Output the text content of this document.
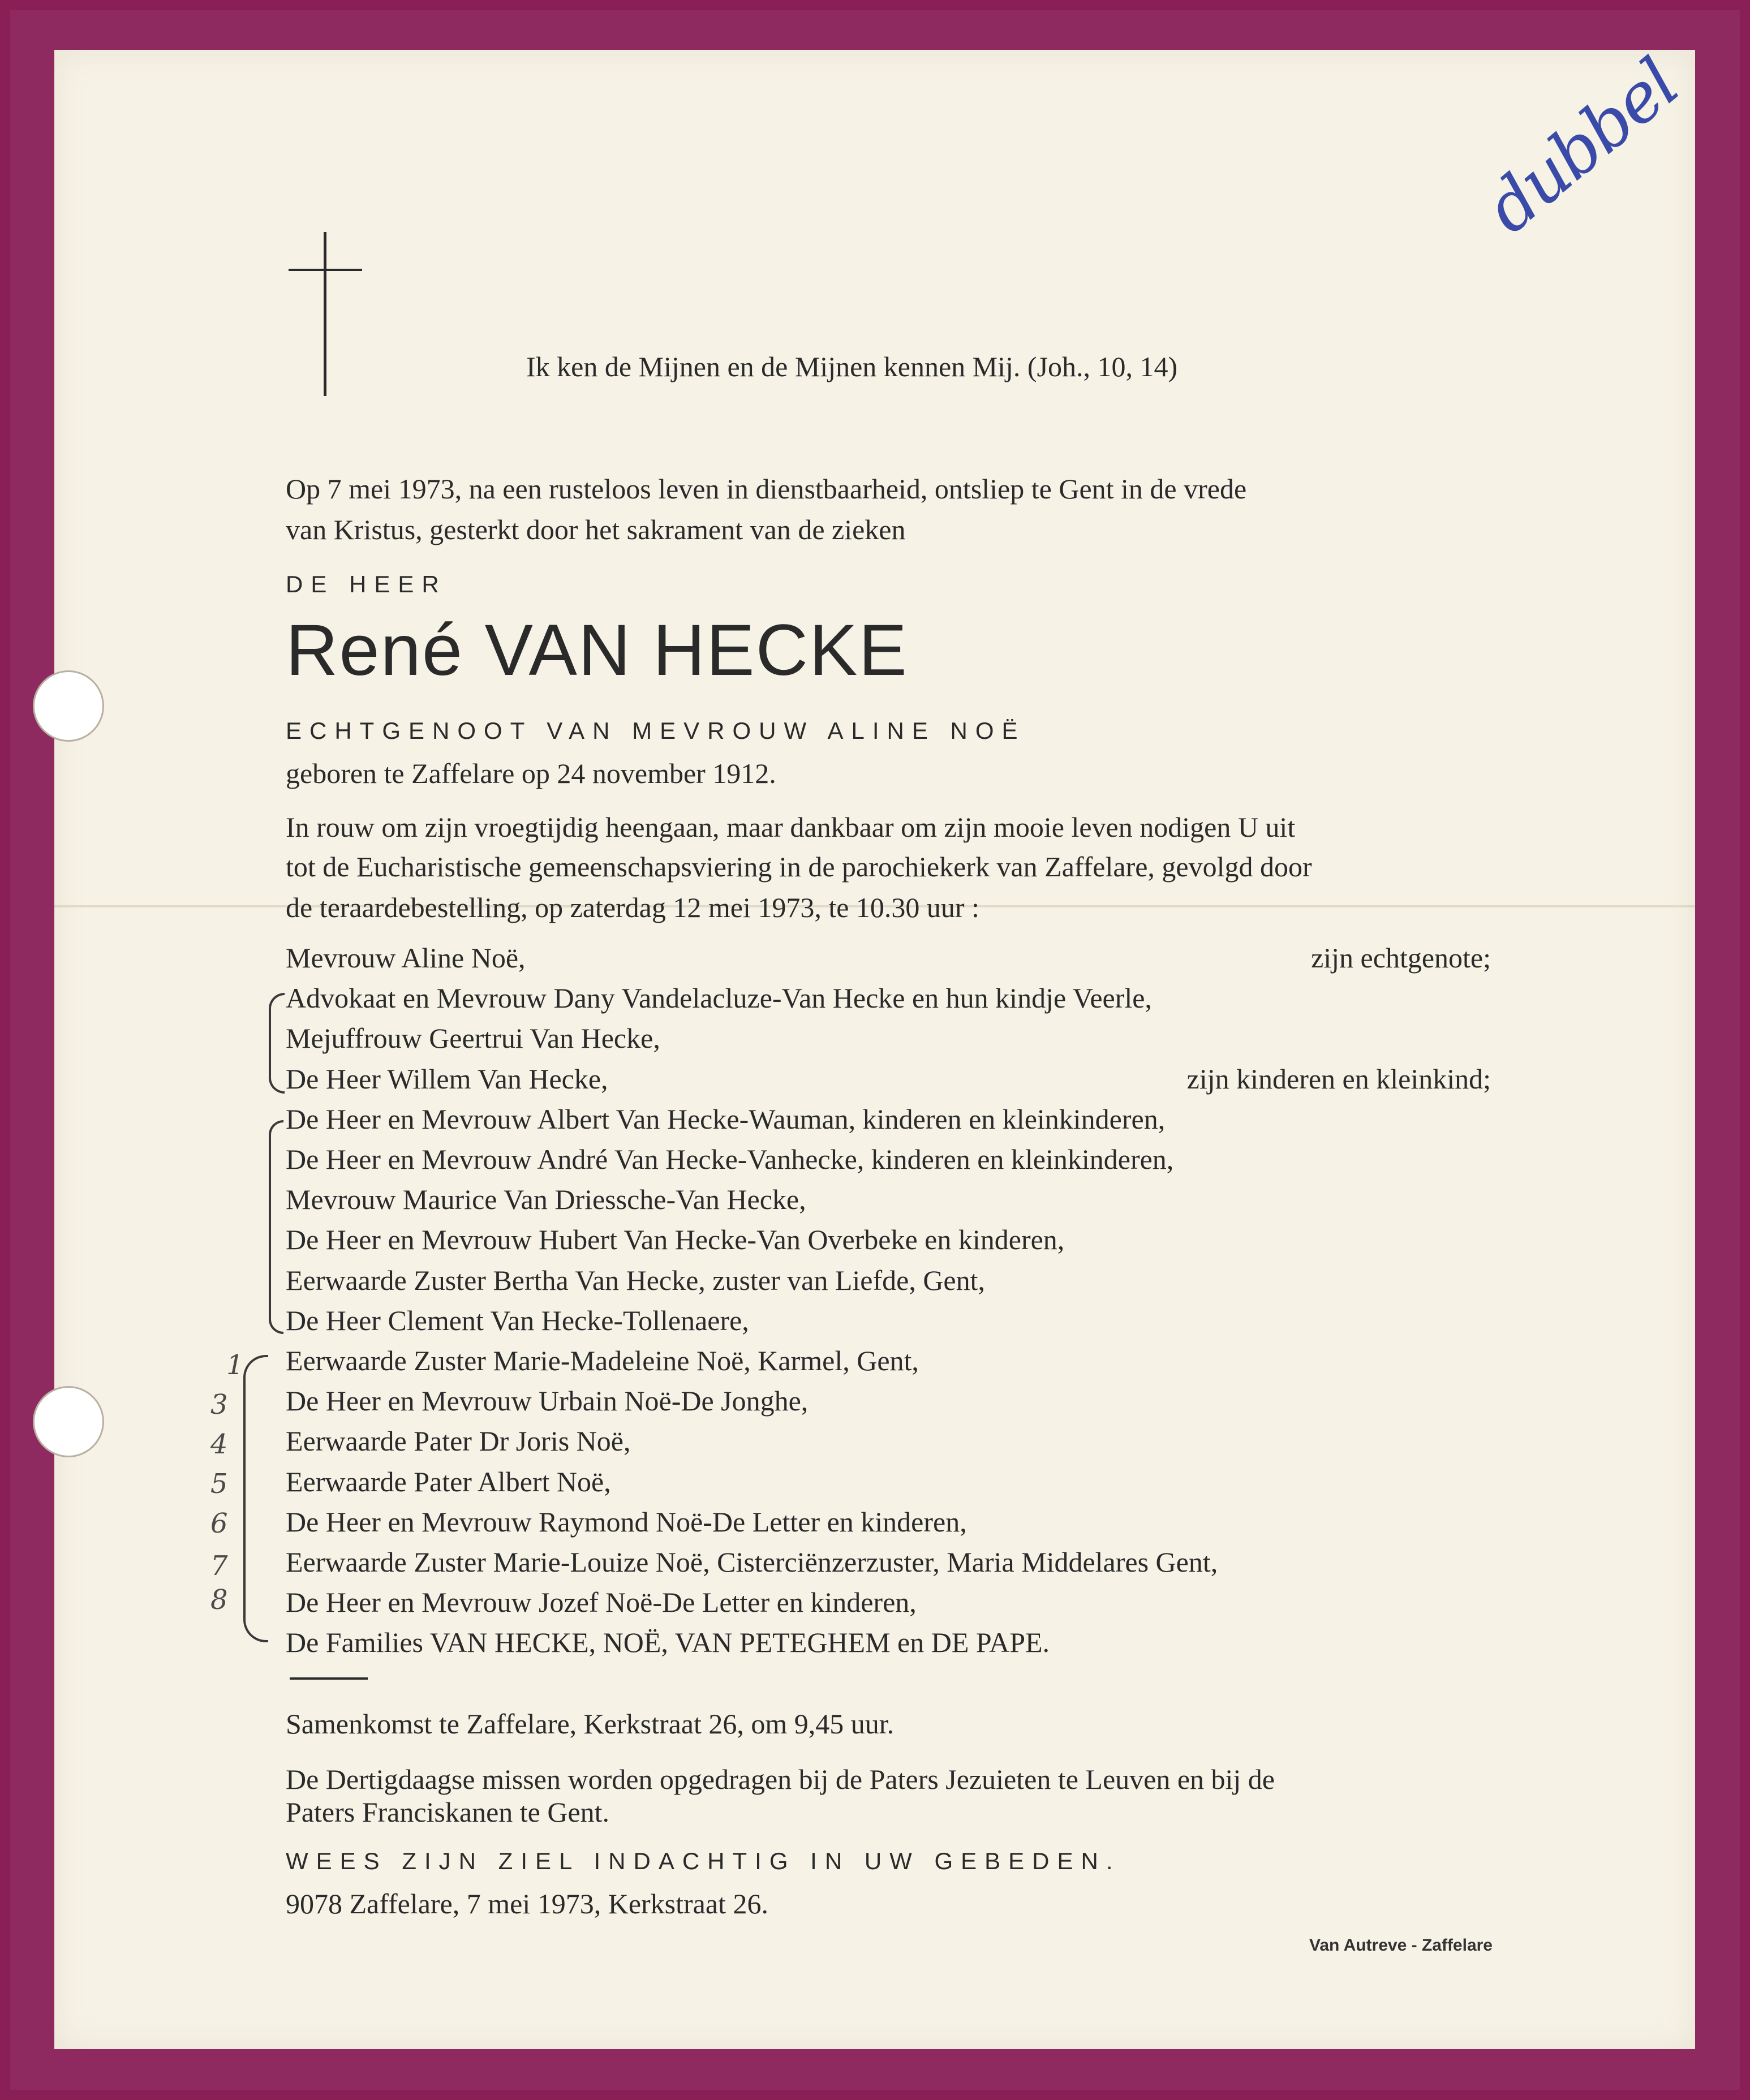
dubbel
Ik ken de Mijnen en de Mijnen kennen Mij. (Joh., 10, 14)
Op 7 mei 1973, na een rusteloos leven in dienstbaarheid, ontsliep te Gent in de vrede
van Kristus, gesterkt door het sakrament van de zieken
DE HEER
René VAN HECKE
ECHTGENOOT VAN MEVROUW ALINE NOË
geboren te Zaffelare op 24 november 1912.
In rouw om zijn vroegtijdig heengaan, maar dankbaar om zijn mooie leven nodigen U uit
tot de Eucharistische gemeenschapsviering in de parochiekerk van Zaffelare, gevolgd door
de teraardebestelling, op zaterdag 12 mei 1973, te 10.30 uur :
Mevrouw Aline Noë,	zijn echtgenote;
Advokaat en Mevrouw Dany Vandelacluze-Van Hecke en hun kindje Veerle,
Mejuffrouw Geertrui Van Hecke,
De Heer Willem Van Hecke,	zijn kinderen en kleinkind;
De Heer en Mevrouw Albert Van Hecke-Wauman, kinderen en kleinkinderen,
De Heer en Mevrouw André Van Hecke-Vanhecke, kinderen en kleinkinderen,
Mevrouw Maurice Van Driessche-Van Hecke,
De Heer en Mevrouw Hubert Van Hecke-Van Overbeke en kinderen,
Eerwaarde Zuster Bertha Van Hecke, zuster van Liefde, Gent,
De Heer Clement Van Hecke-Tollenaere,
Eerwaarde Zuster Marie-Madeleine Noë, Karmel, Gent,
De Heer en Mevrouw Urbain Noë-De Jonghe,
Eerwaarde Pater Dr Joris Noë,
Eerwaarde Pater Albert Noë,
De Heer en Mevrouw Raymond Noë-De Letter en kinderen,
Eerwaarde Zuster Marie-Louize Noë, Cisterciënzerzuster, Maria Middelares Gent,
De Heer en Mevrouw Jozef Noë-De Letter en kinderen,
De Families VAN HECKE, NOË, VAN PETEGHEM en DE PAPE.
1
3
4
5
6
7
8
Samenkomst te Zaffelare, Kerkstraat 26, om 9,45 uur.
De Dertigdaagse missen worden opgedragen bij de Paters Jezuieten te Leuven en bij de
Paters Franciskanen te Gent.
WEES ZIJN ZIEL INDACHTIG IN UW GEBEDEN.
9078 Zaffelare, 7 mei 1973, Kerkstraat 26.
Van Autreve - Zaffelare
